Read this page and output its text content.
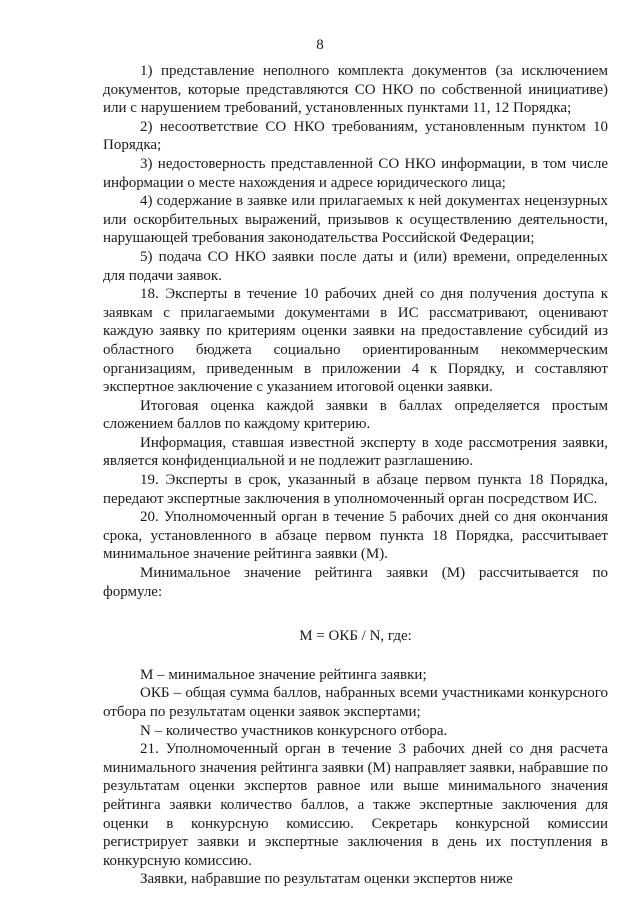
8

1) представление неполного комплекта документов (за исключением документов, которые представляются СО НКО по собственной инициативе) или с нарушением требований, установленных пунктами 11, 12 Порядка;

2) несоответствие СО НКО требованиям, установленным пунктом 10 Порядка;

3) недостоверность представленной СО НКО информации, в том числе информации о месте нахождения и адресе юридического лица;

4) содержание в заявке или прилагаемых к ней документах нецензурных или оскорбительных выражений, призывов к осуществлению деятельности, нарушающей требования законодательства Российской Федерации;

5) подача СО НКО заявки после даты и (или) времени, определенных для подачи заявок.

18. Эксперты в течение 10 рабочих дней со дня получения доступа к заявкам с прилагаемыми документами в ИС рассматривают, оценивают каждую заявку по критериям оценки заявки на предоставление субсидий из областного бюджета социально ориентированным некоммерческим организациям, приведенным в приложении 4 к Порядку, и составляют экспертное заключение с указанием итоговой оценки заявки.

Итоговая оценка каждой заявки в баллах определяется простым сложением баллов по каждому критерию.

Информация, ставшая известной эксперту в ходе рассмотрения заявки, является конфиденциальной и не подлежит разглашению.

19. Эксперты в срок, указанный в абзаце первом пункта 18 Порядка, передают экспертные заключения в уполномоченный орган посредством ИС.

20. Уполномоченный орган в течение 5 рабочих дней со дня окончания срока, установленного в абзаце первом пункта 18 Порядка, рассчитывает минимальное значение рейтинга заявки (М).

Минимальное значение рейтинга заявки (М) рассчитывается по формуле:

М = ОКБ / N, где:

М – минимальное значение рейтинга заявки;

ОКБ – общая сумма баллов, набранных всеми участниками конкурсного отбора по результатам оценки заявок экспертами;

N – количество участников конкурсного отбора.

21. Уполномоченный орган в течение 3 рабочих дней со дня расчета минимального значения рейтинга заявки (М) направляет заявки, набравшие по результатам оценки экспертов равное или выше минимального значения рейтинга заявки количество баллов, а также экспертные заключения для оценки в конкурсную комиссию. Секретарь конкурсной комиссии регистрирует заявки и экспертные заключения в день их поступления в конкурсную комиссию.

Заявки, набравшие по результатам оценки экспертов ниже
